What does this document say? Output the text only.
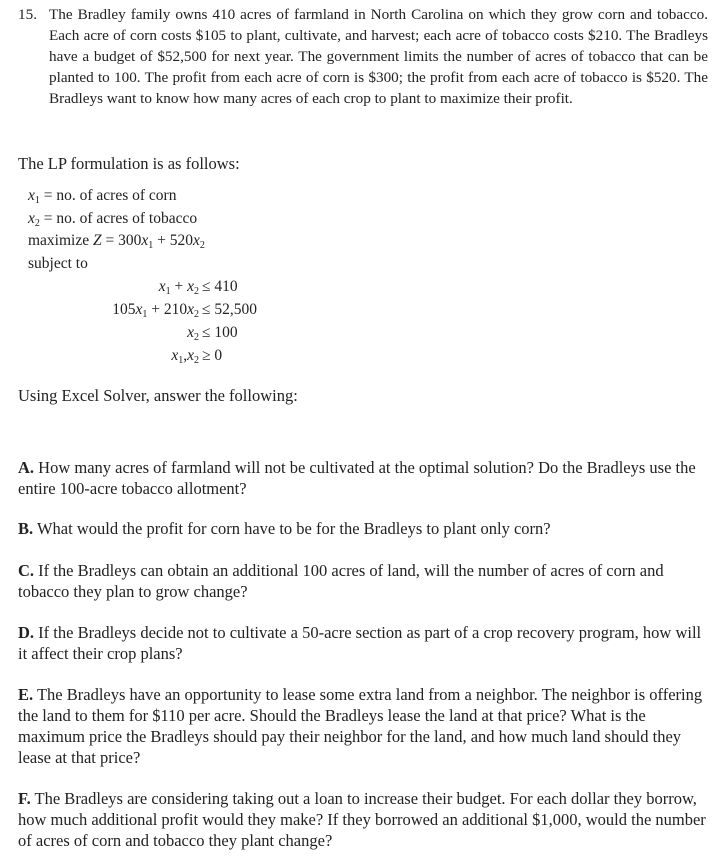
15. The Bradley family owns 410 acres of farmland in North Carolina on which they grow corn and tobacco. Each acre of corn costs $105 to plant, cultivate, and harvest; each acre of tobacco costs $210. The Bradleys have a budget of $52,500 for next year. The government limits the number of acres of tobacco that can be planted to 100. The profit from each acre of corn is $300; the profit from each acre of tobacco is $520. The Bradleys want to know how many acres of each crop to plant to maximize their profit.
The LP formulation is as follows:
$x_1$ = no. of acres of corn
$x_2$ = no. of acres of tobacco
maximize $Z = 300x_1 + 520x_2$
subject to
$x_1 + x_2 \le 410$
$105x_1 + 210x_2 \le 52,500$
$x_2 \le 100$
$x_1,x_2 \ge 0$
Using Excel Solver, answer the following:
A. How many acres of farmland will not be cultivated at the optimal solution? Do the Bradleys use the entire 100-acre tobacco allotment?
B. What would the profit for corn have to be for the Bradleys to plant only corn?
C. If the Bradleys can obtain an additional 100 acres of land, will the number of acres of corn and tobacco they plan to grow change?
D. If the Bradleys decide not to cultivate a 50-acre section as part of a crop recovery program, how will it affect their crop plans?
E. The Bradleys have an opportunity to lease some extra land from a neighbor. The neighbor is offering the land to them for $110 per acre. Should the Bradleys lease the land at that price? What is the maximum price the Bradleys should pay their neighbor for the land, and how much land should they lease at that price?
F. The Bradleys are considering taking out a loan to increase their budget. For each dollar they borrow, how much additional profit would they make? If they borrowed an additional $1,000, would the number of acres of corn and tobacco they plant change?
